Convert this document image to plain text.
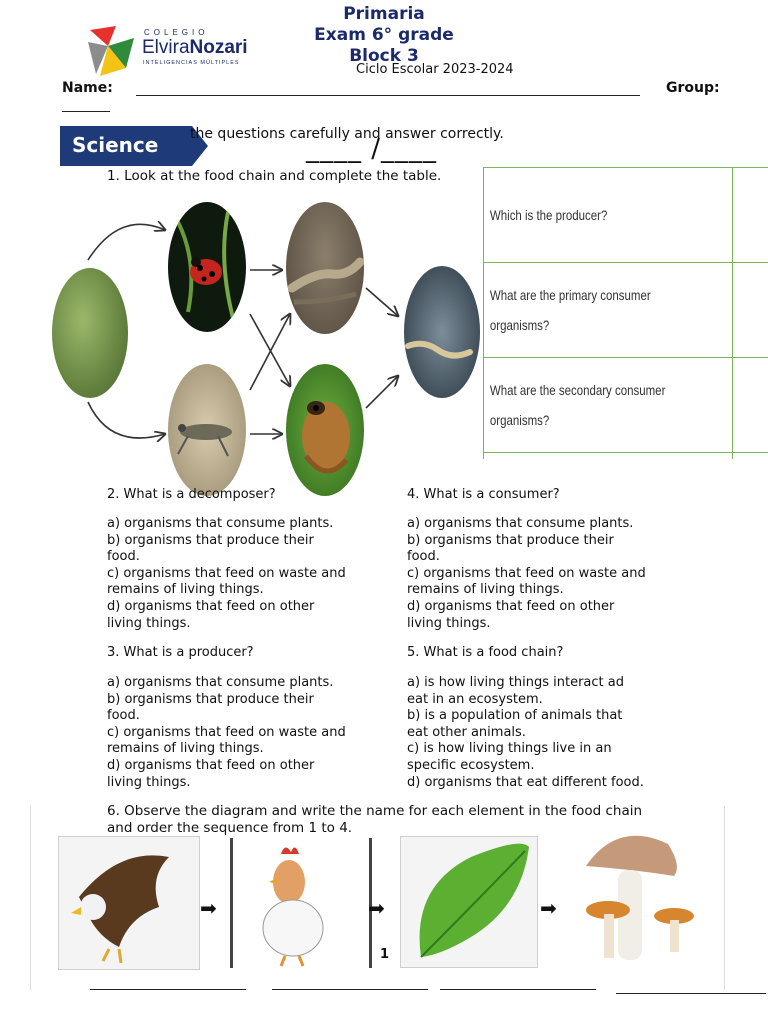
Primaria
Exam 6° grade
Block 3
Ciclo Escolar 2023-2024
COLEGIO
ElviraNozari
INTELIGENCIAS MÚLTIPLES
Name:	Group:
Science the questions carefully and answer correctly.
____ /____
1. Look at the food chain and complete the table.
Which is the producer?	

What are the primary consumer
organisms?	

What are the secondary consumer
organisms?	

2. What is a decomposer?
a) organisms that consume plants.
b) organisms that produce their
food.
c) organisms that feed on waste and
remains of living things.
d) organisms that feed on other
living things.
4. What is a consumer?
a) organisms that consume plants.
b) organisms that produce their
food.
c) organisms that feed on waste and
remains of living things.
d) organisms that feed on other
living things.
3. What is a producer?
a) organisms that consume plants.
b) organisms that produce their
food.
c) organisms that feed on waste and
remains of living things.
d) organisms that feed on other
living things.
5. What is a food chain?
a) is how living things interact ad
eat in an ecosystem.
b) is a population of animals that
eat other animals.
c) is how living things live in an
specific ecosystem.
d) organisms that eat different food.
6. Observe the diagram and write the name for each element in the food chain
and order the sequence from 1 to 4.
➡	➡	➡
1
